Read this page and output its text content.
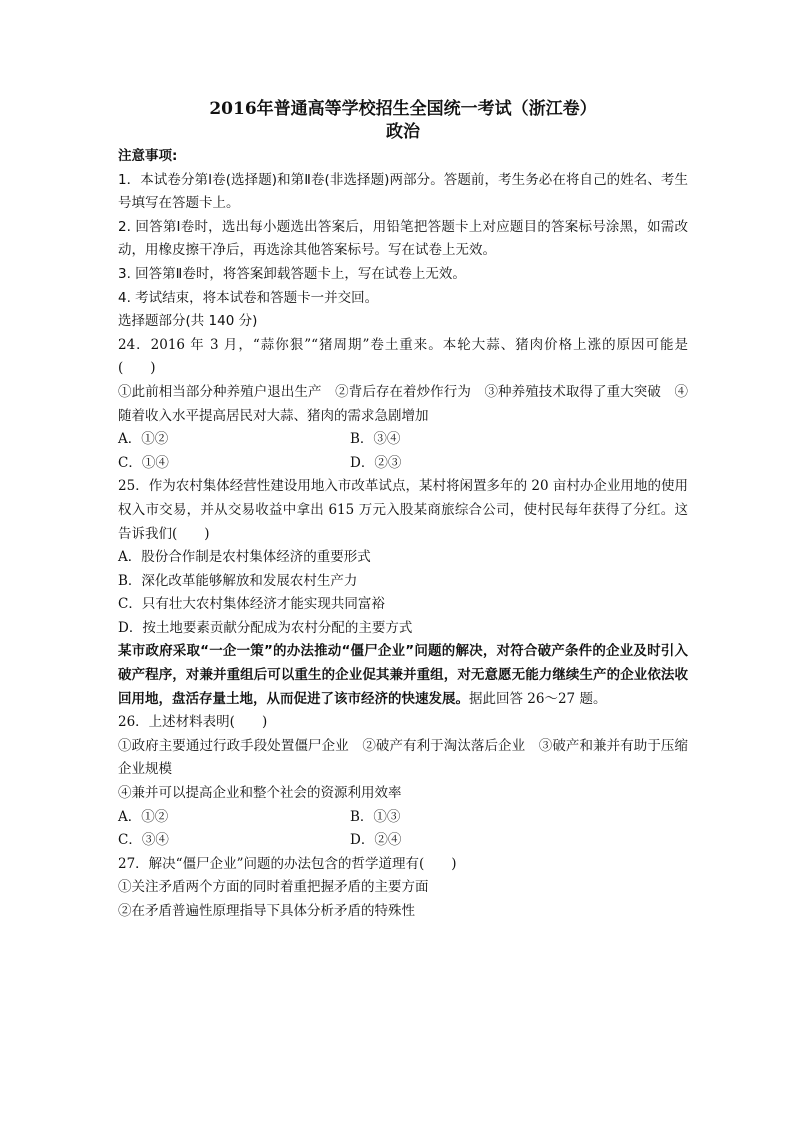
2016年普通高等学校招生全国统一考试（浙江卷）

政治

注意事项:

1．本试卷分第Ⅰ卷(选择题)和第Ⅱ卷(非选择题)两部分。答题前，考生务必在将自己的姓名、考生号填写在答题卡上。

2. 回答第Ⅰ卷时，选出每小题选出答案后，用铅笔把答题卡上对应题目的答案标号涂黑，如需改动，用橡皮擦干净后，再选涂其他答案标号。写在试卷上无效。

3. 回答第Ⅱ卷时，将答案卸载答题卡上，写在试卷上无效。

4. 考试结束，将本试卷和答题卡一并交回。

选择题部分(共 140 分)

24．2016 年 3 月，“蒜你狠”“猪周期”卷土重来。本轮大蒜、猪肉价格上涨的原因可能是(　　)

①此前相当部分种养殖户退出生产　②背后存在着炒作行为　③种养殖技术取得了重大突破　④随着收入水平提高居民对大蒜、猪肉的需求急剧增加

A．①②	B．③④
C．①④	D．②③

25．作为农村集体经营性建设用地入市改革试点，某村将闲置多年的 20 亩村办企业用地的使用权入市交易，并从交易收益中拿出 615 万元入股某商旅综合公司，使村民每年获得了分红。这告诉我们(　　)

A．股份合作制是农村集体经济的重要形式

B．深化改革能够解放和发展农村生产力

C．只有壮大农村集体经济才能实现共同富裕

D．按土地要素贡献分配成为农村分配的主要方式

某市政府采取“一企一策”的办法推动“僵尸企业”问题的解决，对符合破产条件的企业及时引入破产程序，对兼并重组后可以重生的企业促其兼并重组，对无意愿无能力继续生产的企业依法收回用地，盘活存量土地，从而促进了该市经济的快速发展。据此回答 26～27 题。

26．上述材料表明(　　)

①政府主要通过行政手段处置僵尸企业　②破产有利于淘汰落后企业　③破产和兼并有助于压缩企业规模

④兼并可以提高企业和整个社会的资源利用效率

A．①②	B．①③
C．③④	D．②④

27．解决“僵尸企业”问题的办法包含的哲学道理有(　　)

①关注矛盾两个方面的同时着重把握矛盾的主要方面

②在矛盾普遍性原理指导下具体分析矛盾的特殊性
